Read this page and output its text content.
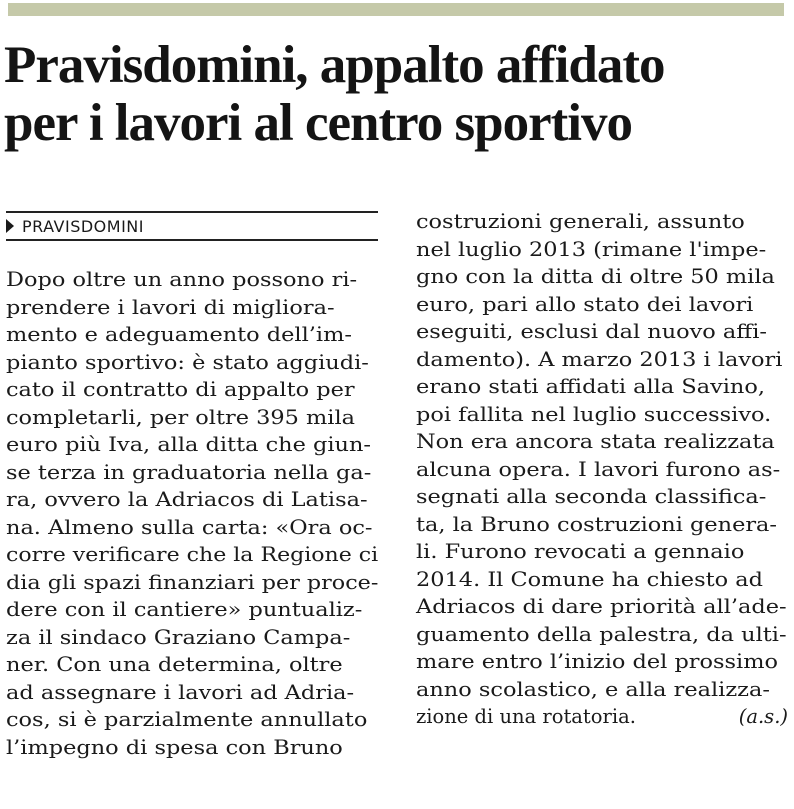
Pravisdomini, appalto affidato
per i lavori al centro sportivo
PRAVISDOMINI
Dopo oltre un anno possono ri-
prendere i lavori di migliora-
mento e adeguamento dell’im-
pianto sportivo: è stato aggiudi-
cato il contratto di appalto per
completarli, per oltre 395 mila
euro più Iva, alla ditta che giun-
se terza in graduatoria nella ga-
ra, ovvero la Adriacos di Latisa-
na. Almeno sulla carta: «Ora oc-
corre verificare che la Regione ci
dia gli spazi finanziari per proce-
dere con il cantiere» puntualiz-
za il sindaco Graziano Campa-
ner. Con una determina, oltre
ad assegnare i lavori ad Adria-
cos, si è parzialmente annullato
l’impegno di spesa con Bruno
costruzioni generali, assunto
nel luglio 2013 (rimane l'impe-
gno con la ditta di oltre 50 mila
euro, pari allo stato dei lavori
eseguiti, esclusi dal nuovo affi-
damento). A marzo 2013 i lavori
erano stati affidati alla Savino,
poi fallita nel luglio successivo.
Non era ancora stata realizzata
alcuna opera. I lavori furono as-
segnati alla seconda classifica-
ta, la Bruno costruzioni genera-
li. Furono revocati a gennaio
2014. Il Comune ha chiesto ad
Adriacos di dare priorità all’ade-
guamento della palestra, da ulti-
mare entro l’inizio del prossimo
anno scolastico, e alla realizza-
zione di una rotatoria.	(a.s.)
